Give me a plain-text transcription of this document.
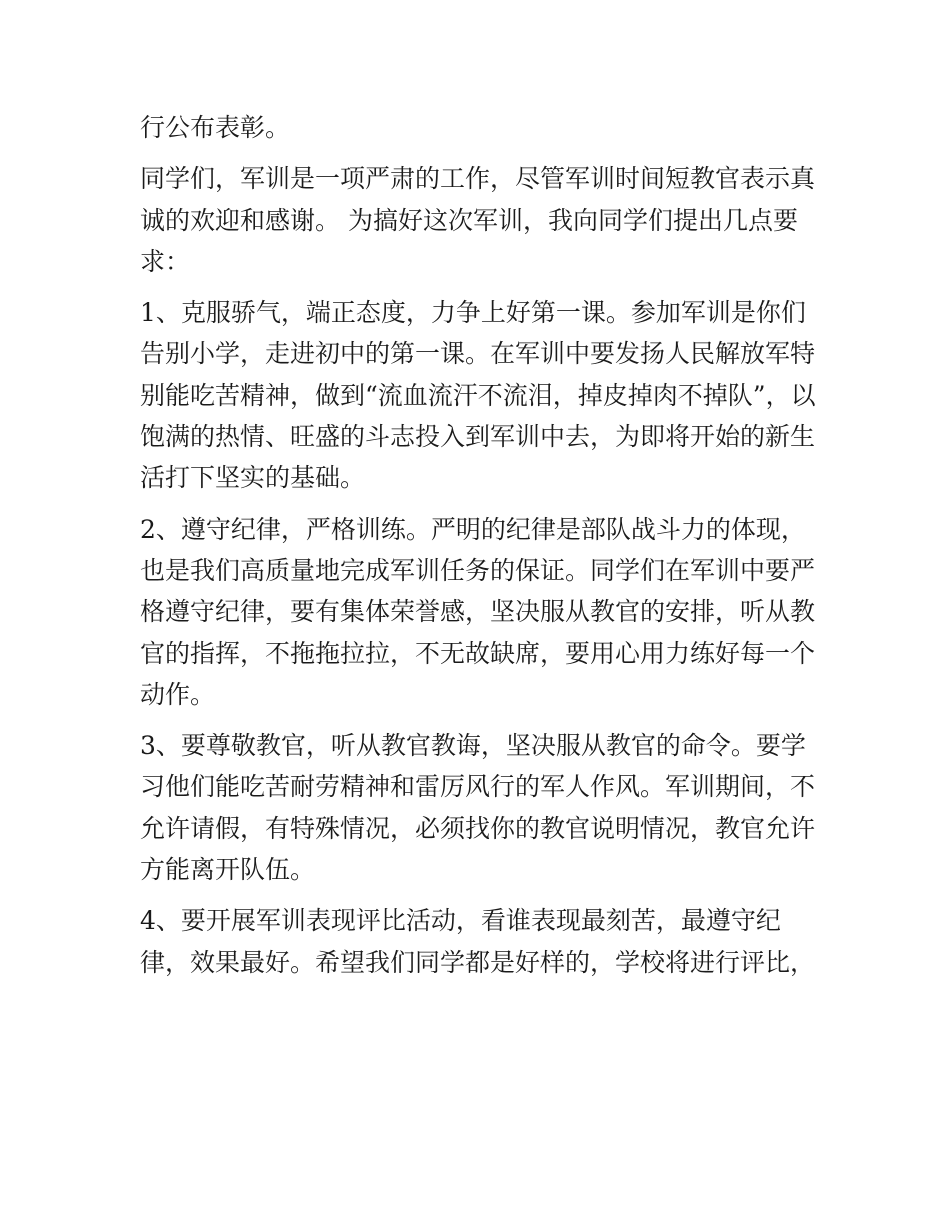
行公布表彰。
同学们，军训是一项严肃的工作，尽管军训时间短教官表示真
诚的欢迎和感谢。 为搞好这次军训，我向同学们提出几点要
求：
1、克服骄气，端正态度，力争上好第一课。参加军训是你们
告别小学，走进初中的第一课。在军训中要发扬人民解放军特
别能吃苦精神，做到“流血流汗不流泪，掉皮掉肉不掉队”，以
饱满的热情、旺盛的斗志投入到军训中去，为即将开始的新生
活打下坚实的基础。
2、遵守纪律，严格训练。严明的纪律是部队战斗力的体现，
也是我们高质量地完成军训任务的保证。同学们在军训中要严
格遵守纪律，要有集体荣誉感，坚决服从教官的安排，听从教
官的指挥，不拖拖拉拉，不无故缺席，要用心用力练好每一个
动作。
3、要尊敬教官，听从教官教诲，坚决服从教官的命令。要学
习他们能吃苦耐劳精神和雷厉风行的军人作风。军训期间，不
允许请假，有特殊情况，必须找你的教官说明情况，教官允许
方能离开队伍。
4、要开展军训表现评比活动，看谁表现最刻苦，最遵守纪
律，效果最好。希望我们同学都是好样的，学校将进行评比，
